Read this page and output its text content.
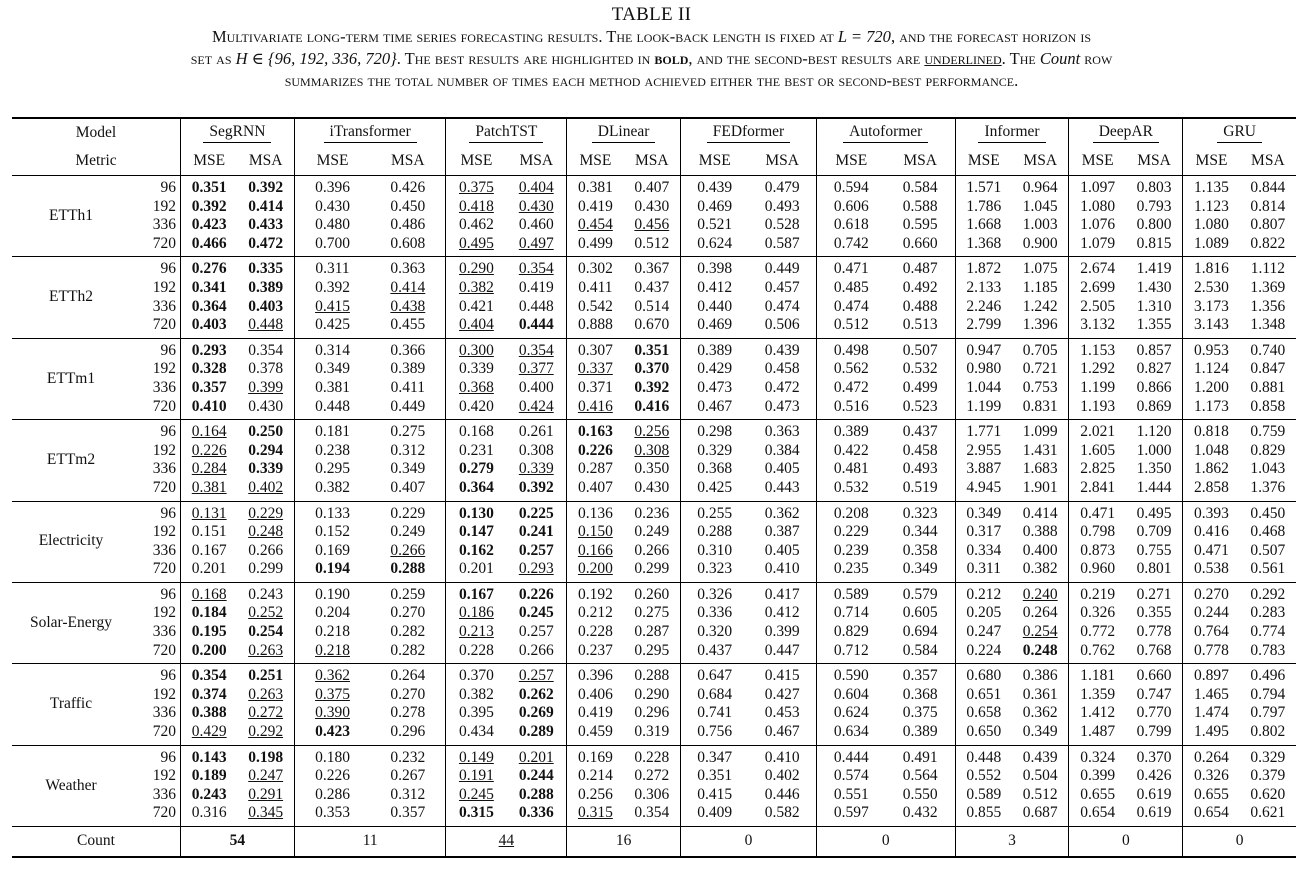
TABLE II
Multivariate long-term time series forecasting results. The look-back length is fixed at L = 720, and the forecast horizon is
set as H ∈ {96, 192, 336, 720}. The best results are highlighted in bold, and the second-best results are underlined. The Count row
summarizes the total number of times each method achieved either the best or second-best performance.
Model		SegRNN		iTransformer		PatchTST		DLinear		FEDformer		Autoformer		Informer		DeepAR		GRU	
Metric		MSE	MSA	MSE	MSA	MSE	MSA	MSE	MSA	MSE	MSA	MSE	MSA	MSE	MSA	MSE	MSA	MSE	MSA
ETTh1	96	0.351	0.392	0.396	0.426	0.375	0.404	0.381	0.407	0.439	0.479	0.594	0.584	1.571	0.964	1.097	0.803	1.135	0.844
	192	0.392	0.414	0.430	0.450	0.418	0.430	0.419	0.430	0.469	0.493	0.606	0.588	1.786	1.045	1.080	0.793	1.123	0.814
	336	0.423	0.433	0.480	0.486	0.462	0.460	0.454	0.456	0.521	0.528	0.618	0.595	1.668	1.003	1.076	0.800	1.080	0.807
	720	0.466	0.472	0.700	0.608	0.495	0.497	0.499	0.512	0.624	0.587	0.742	0.660	1.368	0.900	1.079	0.815	1.089	0.822
ETTh2	96	0.276	0.335	0.311	0.363	0.290	0.354	0.302	0.367	0.398	0.449	0.471	0.487	1.872	1.075	2.674	1.419	1.816	1.112
	192	0.341	0.389	0.392	0.414	0.382	0.419	0.411	0.437	0.412	0.457	0.485	0.492	2.133	1.185	2.699	1.430	2.530	1.369
	336	0.364	0.403	0.415	0.438	0.421	0.448	0.542	0.514	0.440	0.474	0.474	0.488	2.246	1.242	2.505	1.310	3.173	1.356
	720	0.403	0.448	0.425	0.455	0.404	0.444	0.888	0.670	0.469	0.506	0.512	0.513	2.799	1.396	3.132	1.355	3.143	1.348
ETTm1	96	0.293	0.354	0.314	0.366	0.300	0.354	0.307	0.351	0.389	0.439	0.498	0.507	0.947	0.705	1.153	0.857	0.953	0.740
	192	0.328	0.378	0.349	0.389	0.339	0.377	0.337	0.370	0.429	0.458	0.562	0.532	0.980	0.721	1.292	0.827	1.124	0.847
	336	0.357	0.399	0.381	0.411	0.368	0.400	0.371	0.392	0.473	0.472	0.472	0.499	1.044	0.753	1.199	0.866	1.200	0.881
	720	0.410	0.430	0.448	0.449	0.420	0.424	0.416	0.416	0.467	0.473	0.516	0.523	1.199	0.831	1.193	0.869	1.173	0.858
ETTm2	96	0.164	0.250	0.181	0.275	0.168	0.261	0.163	0.256	0.298	0.363	0.389	0.437	1.771	1.099	2.021	1.120	0.818	0.759
	192	0.226	0.294	0.238	0.312	0.231	0.308	0.226	0.308	0.329	0.384	0.422	0.458	2.955	1.431	1.605	1.000	1.048	0.829
	336	0.284	0.339	0.295	0.349	0.279	0.339	0.287	0.350	0.368	0.405	0.481	0.493	3.887	1.683	2.825	1.350	1.862	1.043
	720	0.381	0.402	0.382	0.407	0.364	0.392	0.407	0.430	0.425	0.443	0.532	0.519	4.945	1.901	2.841	1.444	2.858	1.376
Electricity	96	0.131	0.229	0.133	0.229	0.130	0.225	0.136	0.236	0.255	0.362	0.208	0.323	0.349	0.414	0.471	0.495	0.393	0.450
	192	0.151	0.248	0.152	0.249	0.147	0.241	0.150	0.249	0.288	0.387	0.229	0.344	0.317	0.388	0.798	0.709	0.416	0.468
	336	0.167	0.266	0.169	0.266	0.162	0.257	0.166	0.266	0.310	0.405	0.239	0.358	0.334	0.400	0.873	0.755	0.471	0.507
	720	0.201	0.299	0.194	0.288	0.201	0.293	0.200	0.299	0.323	0.410	0.235	0.349	0.311	0.382	0.960	0.801	0.538	0.561
Solar-Energy	96	0.168	0.243	0.190	0.259	0.167	0.226	0.192	0.260	0.326	0.417	0.589	0.579	0.212	0.240	0.219	0.271	0.270	0.292
	192	0.184	0.252	0.204	0.270	0.186	0.245	0.212	0.275	0.336	0.412	0.714	0.605	0.205	0.264	0.326	0.355	0.244	0.283
	336	0.195	0.254	0.218	0.282	0.213	0.257	0.228	0.287	0.320	0.399	0.829	0.694	0.247	0.254	0.772	0.778	0.764	0.774
	720	0.200	0.263	0.218	0.282	0.228	0.266	0.237	0.295	0.437	0.447	0.712	0.584	0.224	0.248	0.762	0.768	0.778	0.783
Traffic	96	0.354	0.251	0.362	0.264	0.370	0.257	0.396	0.288	0.647	0.415	0.590	0.357	0.680	0.386	1.181	0.660	0.897	0.496
	192	0.374	0.263	0.375	0.270	0.382	0.262	0.406	0.290	0.684	0.427	0.604	0.368	0.651	0.361	1.359	0.747	1.465	0.794
	336	0.388	0.272	0.390	0.278	0.395	0.269	0.419	0.296	0.741	0.453	0.624	0.375	0.658	0.362	1.412	0.770	1.474	0.797
	720	0.429	0.292	0.423	0.296	0.434	0.289	0.459	0.319	0.756	0.467	0.634	0.389	0.650	0.349	1.487	0.799	1.495	0.802
Weather	96	0.143	0.198	0.180	0.232	0.149	0.201	0.169	0.228	0.347	0.410	0.444	0.491	0.448	0.439	0.324	0.370	0.264	0.329
	192	0.189	0.247	0.226	0.267	0.191	0.244	0.214	0.272	0.351	0.402	0.574	0.564	0.552	0.504	0.399	0.426	0.326	0.379
	336	0.243	0.291	0.286	0.312	0.245	0.288	0.256	0.306	0.415	0.446	0.551	0.550	0.589	0.512	0.655	0.619	0.655	0.620
	720	0.316	0.345	0.353	0.357	0.315	0.336	0.315	0.354	0.409	0.582	0.597	0.432	0.855	0.687	0.654	0.619	0.654	0.621
Count		54		11		44		16		0		0		3		0		0	
